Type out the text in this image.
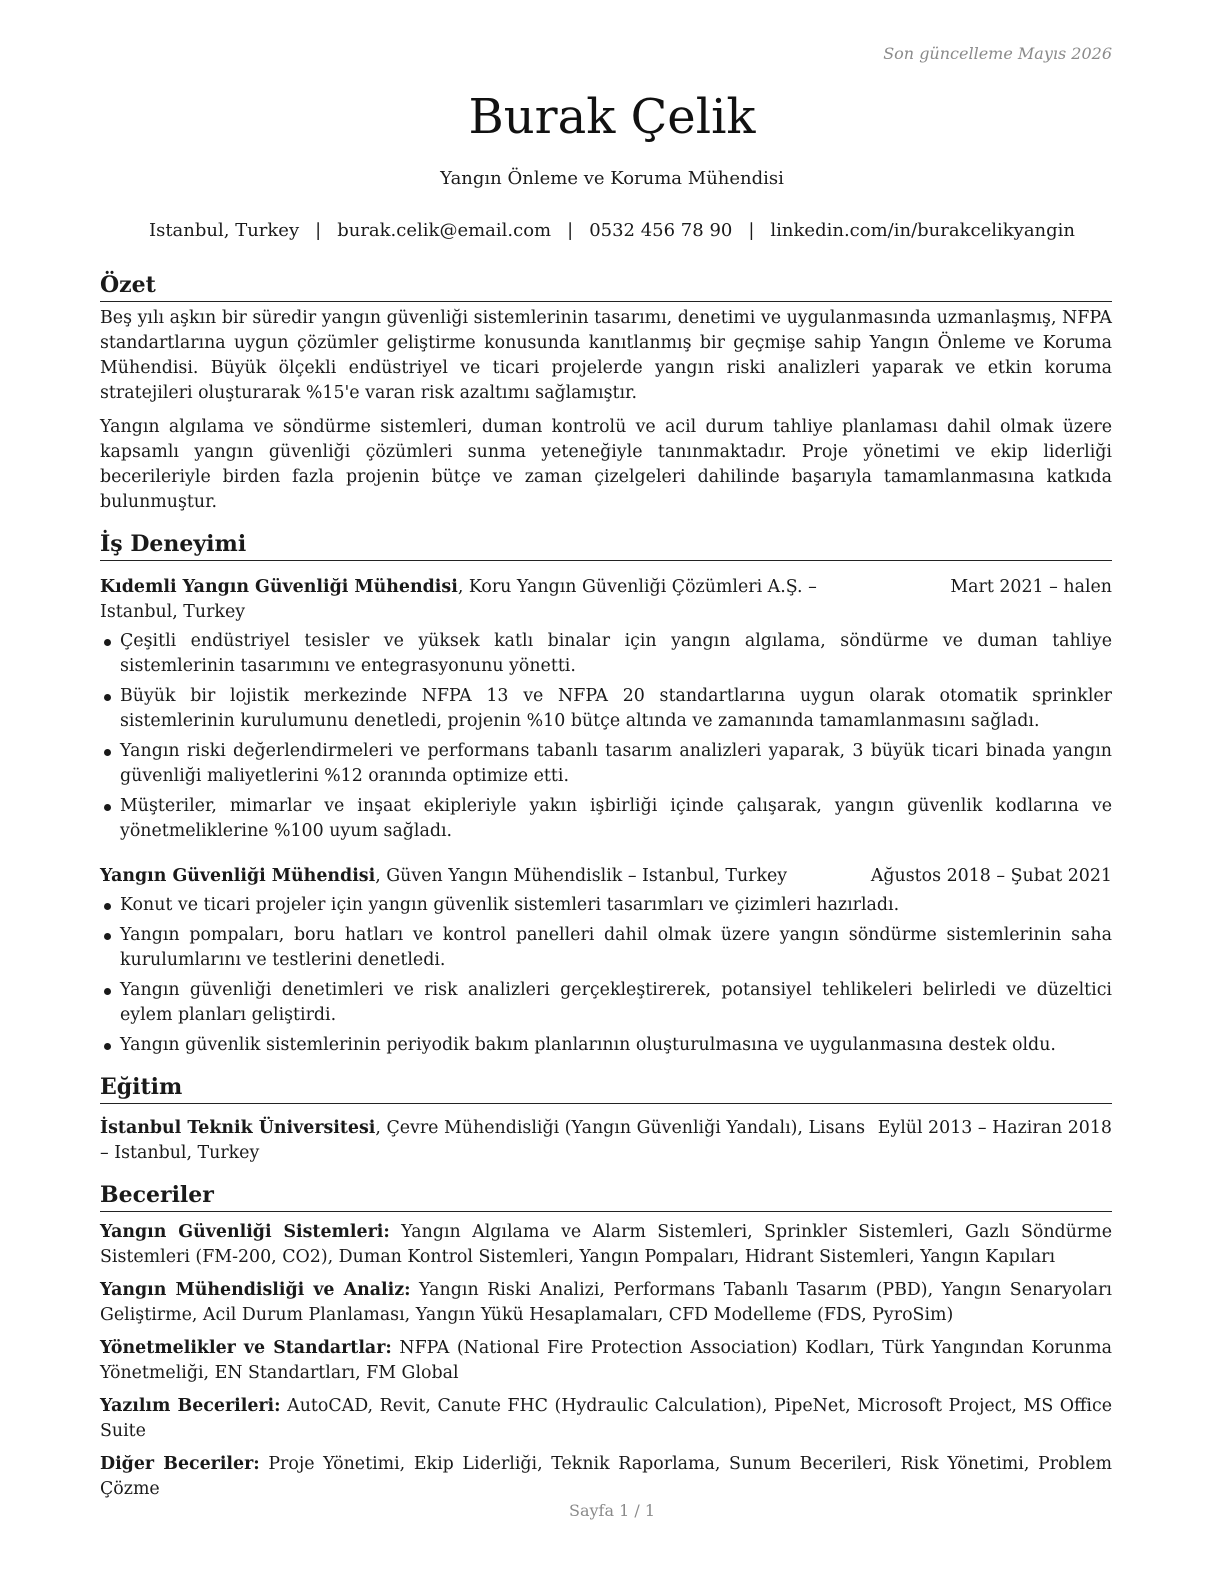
Son güncelleme Mayıs 2026
Burak Çelik
Yangın Önleme ve Koruma Mühendisi
Istanbul, Turkey | burak.celik@email.com | 0532 456 78 90 | linkedin.com/in/burakcelikyangin
Özet

Beş yılı aşkın bir süredir yangın güvenliği sistemlerinin tasarımı, denetimi ve uygulanmasında uzmanlaşmış, NFPA standartlarına uygun çözümler geliştirme konusunda kanıtlanmış bir geçmişe sahip Yangın Önleme ve Koruma Mühendisi. Büyük ölçekli endüstriyel ve ticari projelerde yangın riski analizleri yaparak ve etkin koruma stratejileri oluşturarak %15'e varan risk azaltımı sağlamıştır.

Yangın algılama ve söndürme sistemleri, duman kontrolü ve acil durum tahliye planlaması dahil olmak üzere kapsamlı yangın güvenliği çözümleri sunma yeteneğiyle tanınmaktadır. Proje yönetimi ve ekip liderliği becerileriyle birden fazla projenin bütçe ve zaman çizelgeleri dahilinde başarıyla tamamlanmasına katkıda bulunmuştur.

İş Deneyimi
Kıdemli Yangın Güvenliği Mühendisi, Koru Yangın Güvenliği Çözümleri A.Ş. – Istanbul, Turkey
Mart 2021 – halen
Çeşitli endüstriyel tesisler ve yüksek katlı binalar için yangın algılama, söndürme ve duman tahliye sistemlerinin tasarımını ve entegrasyonunu yönetti.
Büyük bir lojistik merkezinde NFPA 13 ve NFPA 20 standartlarına uygun olarak otomatik sprinkler sistemlerinin kurulumunu denetledi, projenin %10 bütçe altında ve zamanında tamamlanmasını sağladı.
Yangın riski değerlendirmeleri ve performans tabanlı tasarım analizleri yaparak, 3 büyük ticari binada yangın güvenliği maliyetlerini %12 oranında optimize etti.
Müşteriler, mimarlar ve inşaat ekipleriyle yakın işbirliği içinde çalışarak, yangın güvenlik kodlarına ve yönetmeliklerine %100 uyum sağladı.
Yangın Güvenliği Mühendisi, Güven Yangın Mühendislik – Istanbul, Turkey	Ağustos 2018 – Şubat 2021
Konut ve ticari projeler için yangın güvenlik sistemleri tasarımları ve çizimleri hazırladı.
Yangın pompaları, boru hatları ve kontrol panelleri dahil olmak üzere yangın söndürme sistemlerinin saha kurulumlarını ve testlerini denetledi.
Yangın güvenliği denetimleri ve risk analizleri gerçekleştirerek, potansiyel tehlikeleri belirledi ve düzeltici eylem planları geliştirdi.
Yangın güvenlik sistemlerinin periyodik bakım planlarının oluşturulmasına ve uygulanmasına destek oldu.
Eğitim
İstanbul Teknik Üniversitesi, Çevre Mühendisliği (Yangın Güvenliği Yandalı), Lisans – Istanbul, Turkey
Eylül 2013 – Haziran 2018
Beceriler

Yangın Güvenliği Sistemleri: Yangın Algılama ve Alarm Sistemleri, Sprinkler Sistemleri, Gazlı Söndürme Sistemleri (FM-200, CO2), Duman Kontrol Sistemleri, Yangın Pompaları, Hidrant Sistemleri, Yangın Kapıları

Yangın Mühendisliği ve Analiz: Yangın Riski Analizi, Performans Tabanlı Tasarım (PBD), Yangın Senaryoları Geliştirme, Acil Durum Planlaması, Yangın Yükü Hesaplamaları, CFD Modelleme (FDS, PyroSim)

Yönetmelikler ve Standartlar: NFPA (National Fire Protection Association) Kodları, Türk Yangından Korunma Yönetmeliği, EN Standartları, FM Global

Yazılım Becerileri: AutoCAD, Revit, Canute FHC (Hydraulic Calculation), PipeNet, Microsoft Project, MS Office Suite

Diğer Beceriler: Proje Yönetimi, Ekip Liderliği, Teknik Raporlama, Sunum Becerileri, Risk Yönetimi, Problem Çözme

Sayfa 1 / 1
